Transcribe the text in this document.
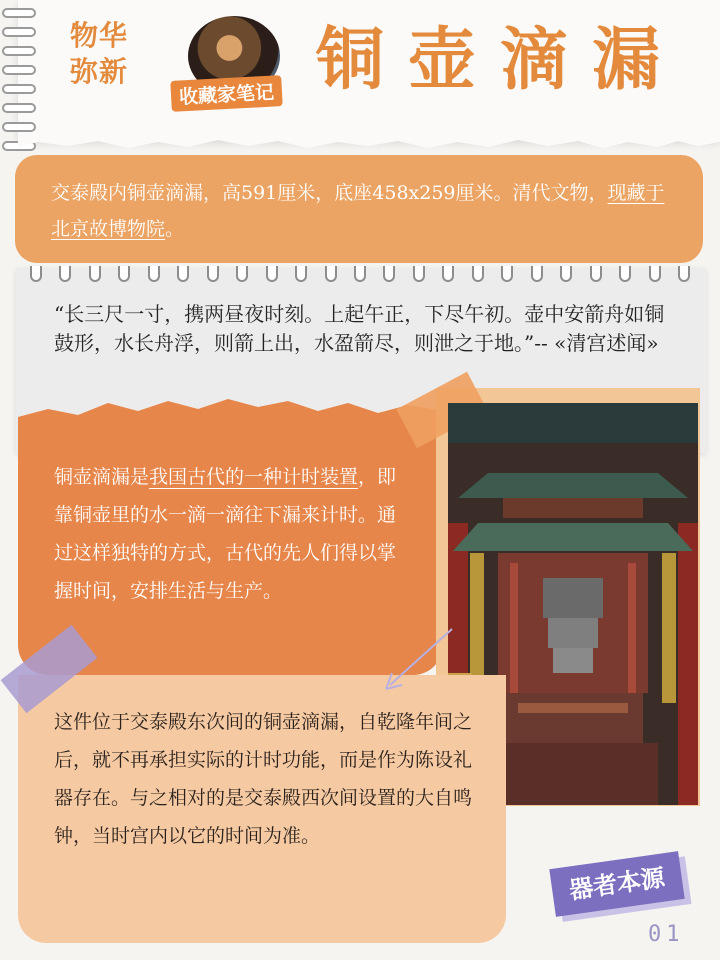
物华
弥新
收藏家笔记 铜壶滴漏
交泰殿内铜壶滴漏，高591厘米，底座458x259厘米。清代文物，现藏于北京故博物院。
“长三尺一寸，携两昼夜时刻。上起午正，下尽午初。壶中安箭舟如铜鼓形，水长舟浮，则箭上出，水盈箭尽，则泄之于地。”-- «清宫述闻»
铜壶滴漏是我国古代的一种计时装置，即靠铜壶里的水一滴一滴往下漏来计时。通过这样独特的方式，古代的先人们得以掌握时间，安排生活与生产。
这件位于交泰殿东次间的铜壶滴漏，自乾隆年间之后，就不再承担实际的计时功能，而是作为陈设礼器存在。与之相对的是交泰殿西次间设置的大自鸣钟，当时宫内以它的时间为准。
器者本源
01
